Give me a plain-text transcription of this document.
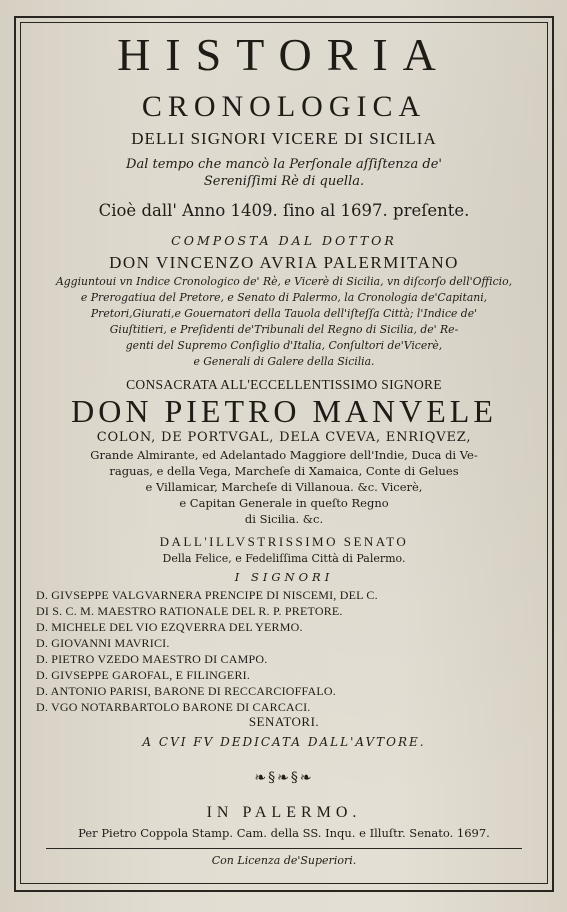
HISTORIA
CRONOLOGICA
DELLI SIGNORI VICERE DI SICILIA
Dal tempo che mancò la Perſonale aſſiſtenza de'
Sereniſſimi Rè di quella.
Cioè dall' Anno 1409. ſino al 1697. preſente.
COMPOSTA DAL DOTTOR
DON VINCENZO AVRIA PALERMITANO
Aggiuntoui vn Indice Cronologico de' Rè, e Vicerè di Sicilia, vn diſcorſo dell'Officio,
e Prerogatiua del Pretore, e Senato di Palermo, la Cronologia de'Capitani,
Pretori,Giurati,e Gouernatori della Tauola dell'iſteſſa Città; l'Indice de'
Giuſtitieri, e Preſidenti de'Tribunali del Regno di Sicilia, de' Re-
genti del Supremo Conſiglio d'Italia, Conſultori de'Vicerè,
e Generali di Galere della Sicilia.
CONSACRATA ALL'ECCELLENTISSIMO SIGNORE
DON PIETRO MANVELE
COLON, DE PORTVGAL, DELA CVEVA, ENRIQVEZ,
Grande Almirante, ed Adelantado Maggiore dell'Indie, Duca di Ve-
raguas, e della Vega, Marcheſe di Xamaica, Conte di Gelues
e Villamicar, Marcheſe di Villanoua. &c. Vicerè,
e Capitan Generale in queſto Regno
di Sicilia. &c.
DALL'ILLVSTRISSIMO SENATO
Della Felice, e Fedeliſſima Città di Palermo.
I SIGNORI
D. GIVSEPPE VALGVARNERA PRENCIPE DI NISCEMI, DEL C.
DI S. C. M. MAESTRO RATIONALE DEL R. P. PRETORE.
D. MICHELE DEL VIO EZQVERRA DEL YERMO.
D. GIOVANNI MAVRICI.
D. PIETRO VZEDO MAESTRO DI CAMPO.
D. GIVSEPPE GAROFAL, E FILINGERI.
D. ANTONIO PARISI, BARONE DI RECCARCIOFFALO.
D. VGO NOTARBARTOLO BARONE DI CARCACI.
SENATORI.
A CVI FV DEDICATA DALL'AVTORE.
❧§❧§❧
IN PALERMO.
Per Pietro Coppola Stamp. Cam. della SS. Inqu. e Illuſtr. Senato. 1697.
Con Licenza de'Superiori.
